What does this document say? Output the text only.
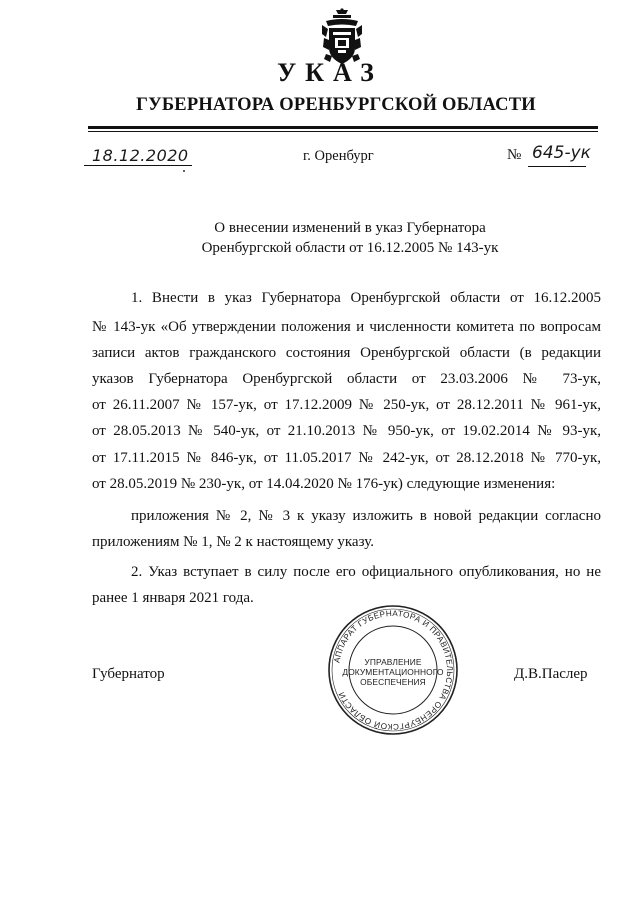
УКАЗ
ГУБЕРНАТОРА ОРЕНБУРГСКОЙ ОБЛАСТИ
18.12.2020	г. Оренбург	№ 645-ук
О внесении изменений в указ Губернатора
Оренбургской области от 16.12.2005 № 143-ук
1. Внести в указ Губернатора Оренбургской области от 16.12.2005
№ 143-ук «Об утверждении положения и численности комитета по вопросам
записи актов гражданского состояния Оренбургской области (в редакции
указов Губернатора Оренбургской области от 23.03.2006 № 73-ук,
от 26.11.2007 № 157-ук, от 17.12.2009 № 250-ук, от 28.12.2011 № 961-ук,
от 28.05.2013 № 540-ук, от 21.10.2013 № 950-ук, от 19.02.2014 № 93-ук,
от 17.11.2015 № 846-ук, от 11.05.2017 № 242-ук, от 28.12.2018 № 770-ук,
от 28.05.2019 № 230-ук, от 14.04.2020 № 176-ук) следующие изменения:
приложения № 2, № 3 к указу изложить в новой редакции согласно
приложениям № 1, № 2 к настоящему указу.
2. Указ вступает в силу после его официального опубликования, но не
ранее 1 января 2021 года.
Губернатор	Д.В.Паслер
АППАРАТ ГУБЕРНАТОРА И ПРАВИТЕЛЬСТВА ОРЕНБУРГСКОЙ ОБЛАСТИ
УПРАВЛЕНИЕ
ДОКУМЕНТАЦИОННОГО
ОБЕСПЕЧЕНИЯ
